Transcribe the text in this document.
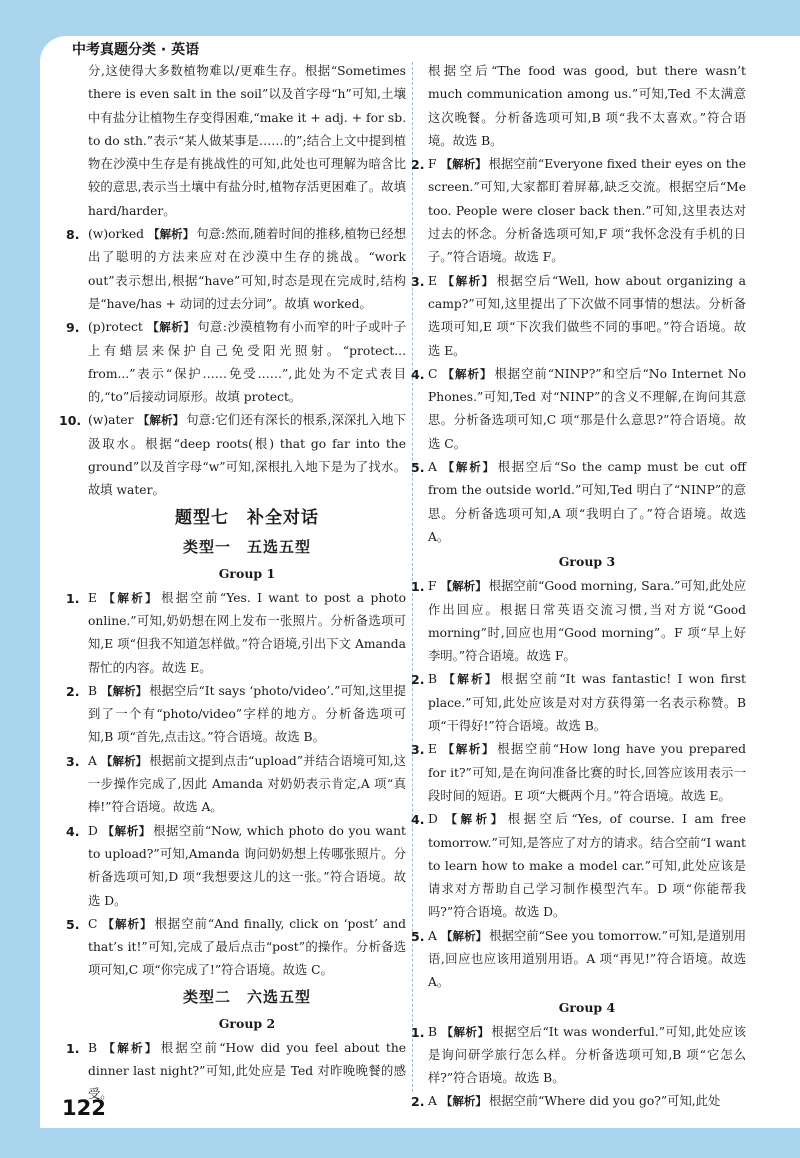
中考真题分类 · 英语
分,这使得大多数植物难以/更难生存。根据“Sometimes there is even salt in the soil”以及首字母“h”可知,土壤中有盐分让植物生存变得困难,“make it + adj. + for sb. to do sth.”表示“某人做某事是……的”;结合上文中提到植物在沙漠中生存是有挑战性的可知,此处也可理解为暗含比较的意思,表示当土壤中有盐分时,植物存活更困难了。故填 hard/harder。
8. (w)orked 【解析】 句意:然而,随着时间的推移,植物已经想出了聪明的方法来应对在沙漠中生存的挑战。“work out”表示想出,根据“have”可知,时态是现在完成时,结构是“have/has + 动词的过去分词”。故填 worked。
9. (p)rotect 【解析】 句意:沙漠植物有小而窄的叶子或叶子上有蜡层来保护自己免受阳光照射。“protect... from...”表示“保护……免受……”,此处为不定式表目的,“to”后接动词原形。故填 protect。
10. (w)ater 【解析】 句意:它们还有深长的根系,深深扎入地下汲取水。根据“deep roots(根) that go far into the ground”以及首字母“w”可知,深根扎入地下是为了找水。故填 water。
题型七　补全对话
类型一　五选五型
Group 1
1. E 【解析】 根据空前“Yes. I want to post a photo online.”可知,奶奶想在网上发布一张照片。分析备选项可知,E 项“但我不知道怎样做。”符合语境,引出下文 Amanda 帮忙的内容。故选 E。
2. B 【解析】 根据空后“It says ‘photo/video’.”可知,这里提到了一个有“photo/video”字样的地方。分析备选项可知,B 项“首先,点击这。”符合语境。故选 B。
3. A 【解析】 根据前文提到点击“upload”并结合语境可知,这一步操作完成了,因此 Amanda 对奶奶表示肯定,A 项“真棒!”符合语境。故选 A。
4. D 【解析】 根据空前“Now, which photo do you want to upload?”可知,Amanda 询问奶奶想上传哪张照片。分析备选项可知,D 项“我想要这儿的这一张。”符合语境。故选 D。
5. C 【解析】 根据空前“And finally, click on ‘post’ and that’s it!”可知,完成了最后点击“post”的操作。分析备选项可知,C 项“你完成了!”符合语境。故选 C。
类型二　六选五型
Group 2
1. B 【解析】 根据空前“How did you feel about the dinner last night?”可知,此处应是 Ted 对昨晚晚餐的感受。
根据空后“The food was good, but there wasn’t much communication among us.”可知,Ted 不太满意这次晚餐。分析备选项可知,B 项“我不太喜欢。”符合语境。故选 B。
2. F 【解析】 根据空前“Everyone fixed their eyes on the screen.”可知,大家都盯着屏幕,缺乏交流。根据空后“Me too. People were closer back then.”可知,这里表达对过去的怀念。分析备选项可知,F 项“我怀念没有手机的日子。”符合语境。故选 F。
3. E 【解析】 根据空后“Well, how about organizing a camp?”可知,这里提出了下次做不同事情的想法。分析备选项可知,E 项“下次我们做些不同的事吧。”符合语境。故选 E。
4. C 【解析】 根据空前“NINP?”和空后“No Internet No Phones.”可知,Ted 对“NINP”的含义不理解,在询问其意思。分析备选项可知,C 项“那是什么意思?”符合语境。故选 C。
5. A 【解析】 根据空后“So the camp must be cut off from the outside world.”可知,Ted 明白了“NINP”的意思。分析备选项可知,A 项“我明白了。”符合语境。故选 A。
Group 3
1. F 【解析】 根据空前“Good morning, Sara.”可知,此处应作出回应。根据日常英语交流习惯,当对方说“Good morning”时,回应也用“Good morning”。F 项“早上好李明。”符合语境。故选 F。
2. B 【解析】 根据空前“It was fantastic! I won first place.”可知,此处应该是对对方获得第一名表示称赞。B 项“干得好!”符合语境。故选 B。
3. E 【解析】 根据空前“How long have you prepared for it?”可知,是在询问准备比赛的时长,回答应该用表示一段时间的短语。E 项“大概两个月。”符合语境。故选 E。
4. D 【解析】 根据空后“Yes, of course. I am free tomorrow.”可知,是答应了对方的请求。结合空前“I want to learn how to make a model car.”可知,此处应该是请求对方帮助自己学习制作模型汽车。D 项“你能帮我吗?”符合语境。故选 D。
5. A 【解析】 根据空前“See you tomorrow.”可知,是道别用语,回应也应该用道别用语。A 项“再见!”符合语境。故选 A。
Group 4
1. B 【解析】 根据空后“It was wonderful.”可知,此处应该是询问研学旅行怎么样。分析备选项可知,B 项“它怎么样?”符合语境。故选 B。
2. A 【解析】 根据空前“Where did you go?”可知,此处
122
